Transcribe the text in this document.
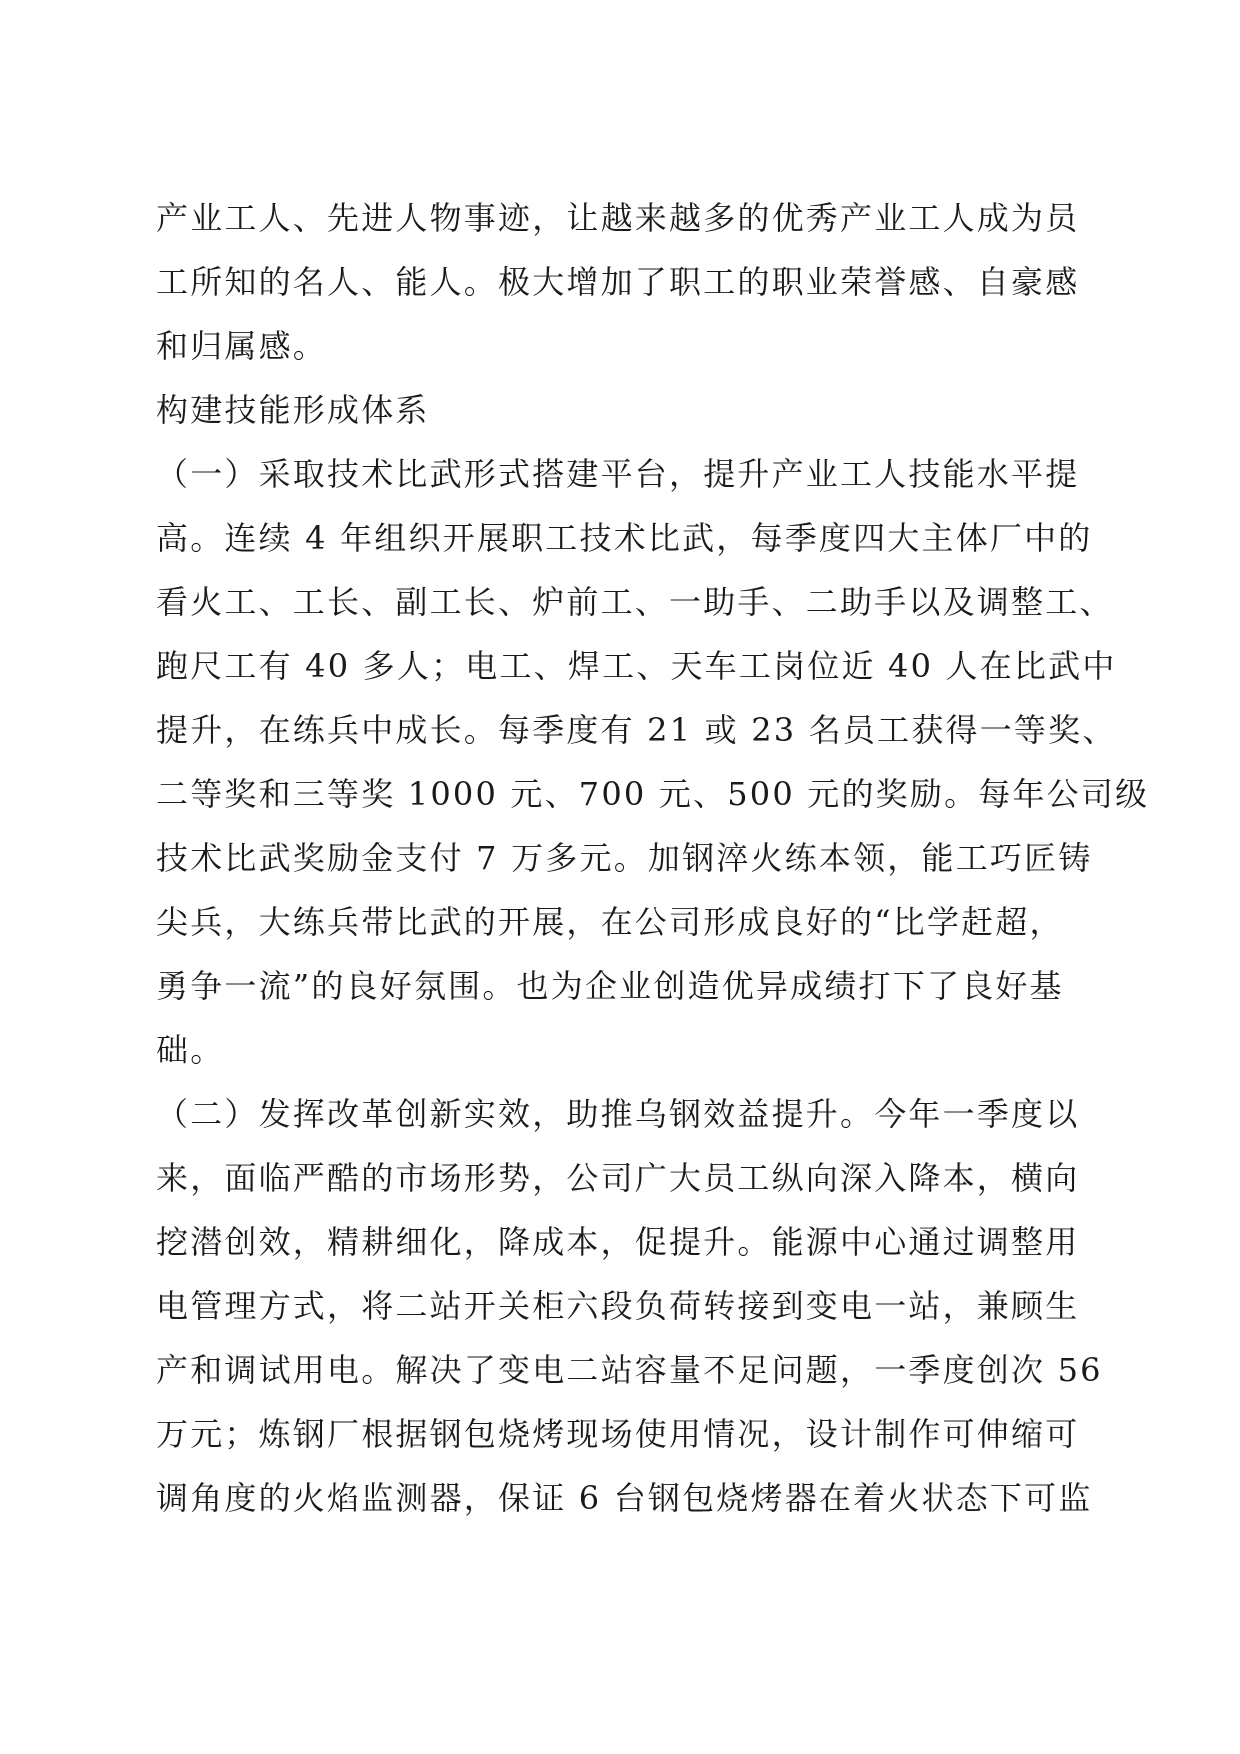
产业工人、先进人物事迹，让越来越多的优秀产业工人成为员
工所知的名人、能人。极大增加了职工的职业荣誉感、自豪感
和归属感。
构建技能形成体系
（一）采取技术比武形式搭建平台，提升产业工人技能水平提
高。连续 4 年组织开展职工技术比武，每季度四大主体厂中的
看火工、工长、副工长、炉前工、一助手、二助手以及调整工、
跑尺工有 40 多人；电工、焊工、天车工岗位近 40 人在比武中
提升，在练兵中成长。每季度有 21 或 23 名员工获得一等奖、
二等奖和三等奖 1000 元、700 元、500 元的奖励。每年公司级
技术比武奖励金支付 7 万多元。加钢淬火练本领，能工巧匠铸
尖兵，大练兵带比武的开展，在公司形成良好的“比学赶超，
勇争一流”的良好氛围。也为企业创造优异成绩打下了良好基
础。
（二）发挥改革创新实效，助推乌钢效益提升。今年一季度以
来，面临严酷的市场形势，公司广大员工纵向深入降本，横向
挖潜创效，精耕细化，降成本，促提升。能源中心通过调整用
电管理方式，将二站开关柜六段负荷转接到变电一站，兼顾生
产和调试用电。解决了变电二站容量不足问题，一季度创次 56
万元；炼钢厂根据钢包烧烤现场使用情况，设计制作可伸缩可
调角度的火焰监测器，保证 6 台钢包烧烤器在着火状态下可监
